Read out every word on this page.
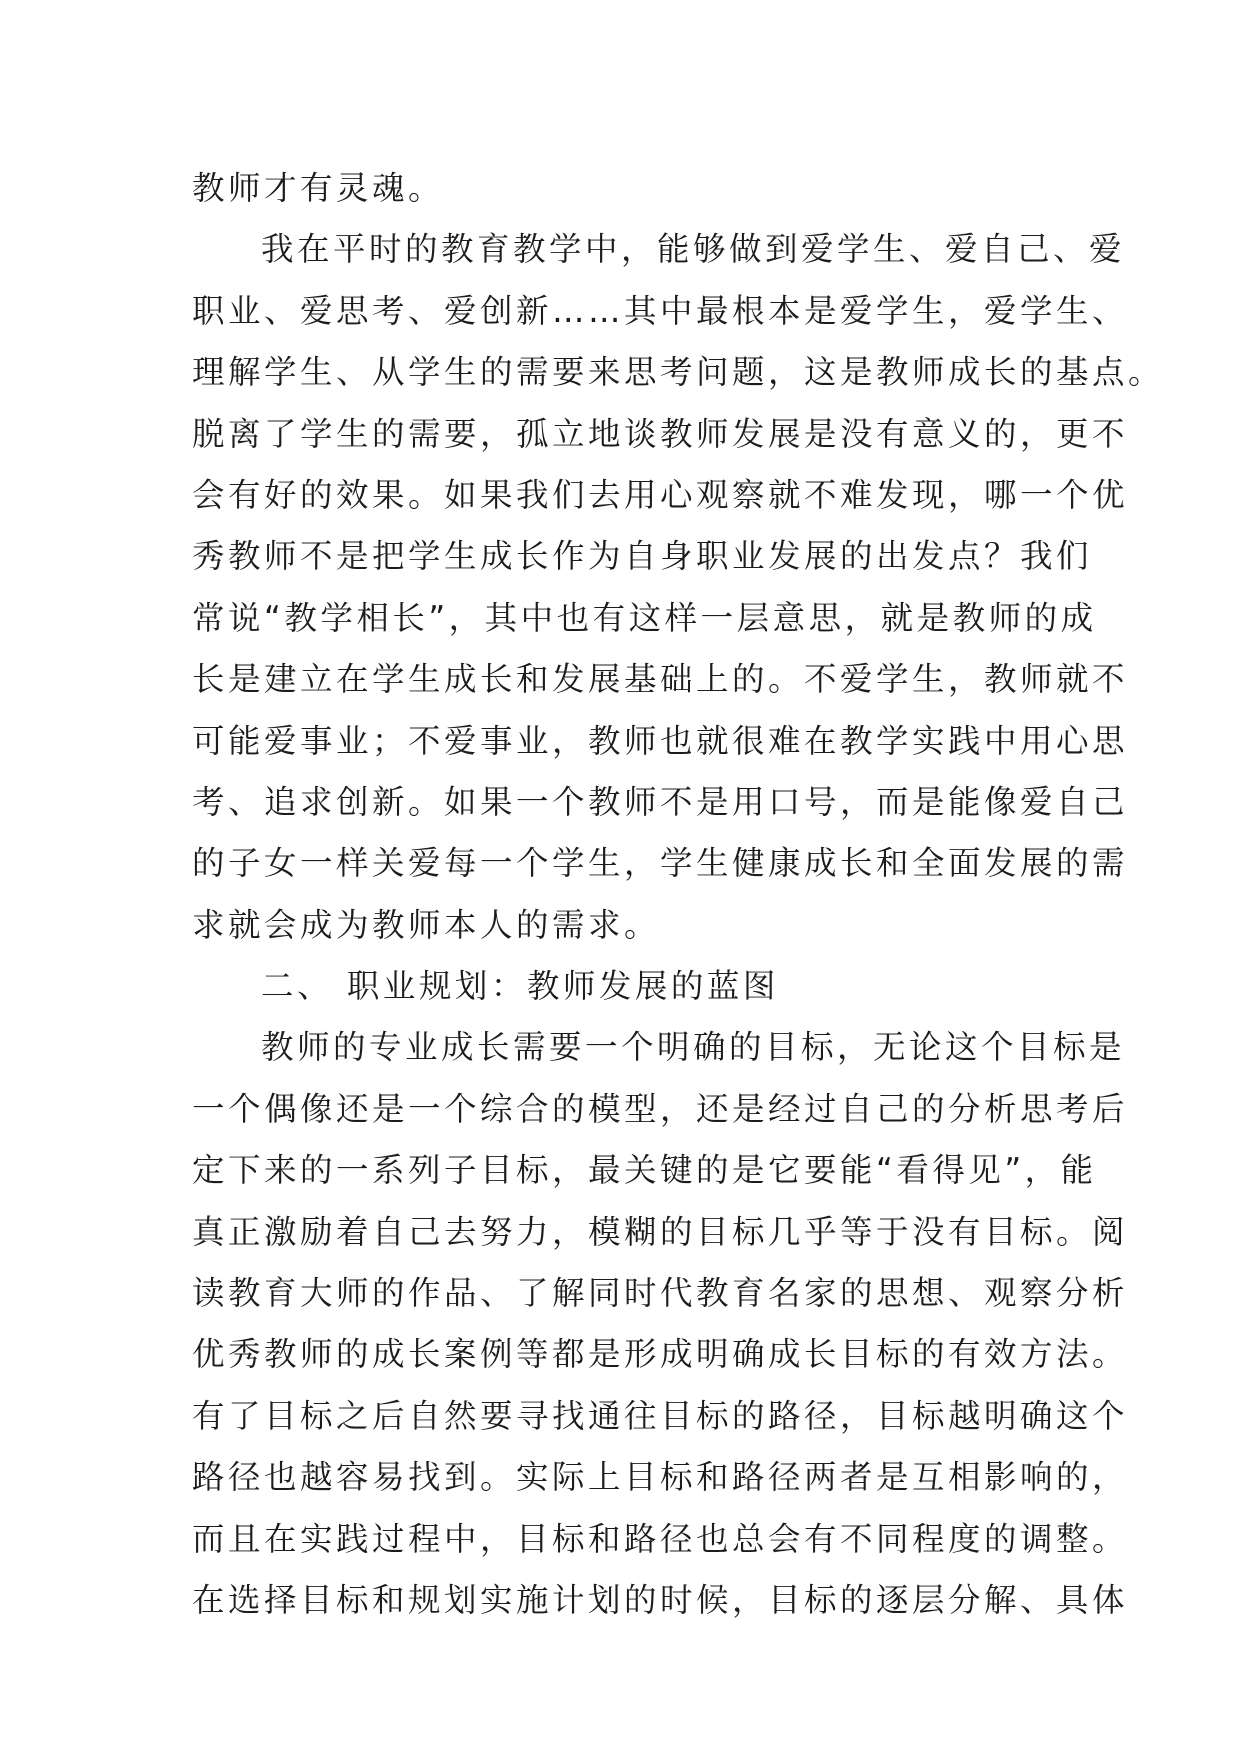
教师才有灵魂。
我在平时的教育教学中，能够做到爱学生、爱自己、爱
职业、爱思考、爱创新……其中最根本是爱学生，爱学生、
理解学生、从学生的需要来思考问题，这是教师成长的基点。
脱离了学生的需要，孤立地谈教师发展是没有意义的，更不
会有好的效果。如果我们去用心观察就不难发现，哪一个优
秀教师不是把学生成长作为自身职业发展的出发点？我们
常说“教学相长”，其中也有这样一层意思，就是教师的成
长是建立在学生成长和发展基础上的。不爱学生，教师就不
可能爱事业；不爱事业，教师也就很难在教学实践中用心思
考、追求创新。如果一个教师不是用口号，而是能像爱自己
的子女一样关爱每一个学生，学生健康成长和全面发展的需
求就会成为教师本人的需求。
二、 职业规划：教师发展的蓝图
教师的专业成长需要一个明确的目标，无论这个目标是
一个偶像还是一个综合的模型，还是经过自己的分析思考后
定下来的一系列子目标，最关键的是它要能“看得见”，能
真正激励着自己去努力，模糊的目标几乎等于没有目标。阅
读教育大师的作品、了解同时代教育名家的思想、观察分析
优秀教师的成长案例等都是形成明确成长目标的有效方法。
有了目标之后自然要寻找通往目标的路径，目标越明确这个
路径也越容易找到。实际上目标和路径两者是互相影响的，
而且在实践过程中，目标和路径也总会有不同程度的调整。
在选择目标和规划实施计划的时候，目标的逐层分解、具体
